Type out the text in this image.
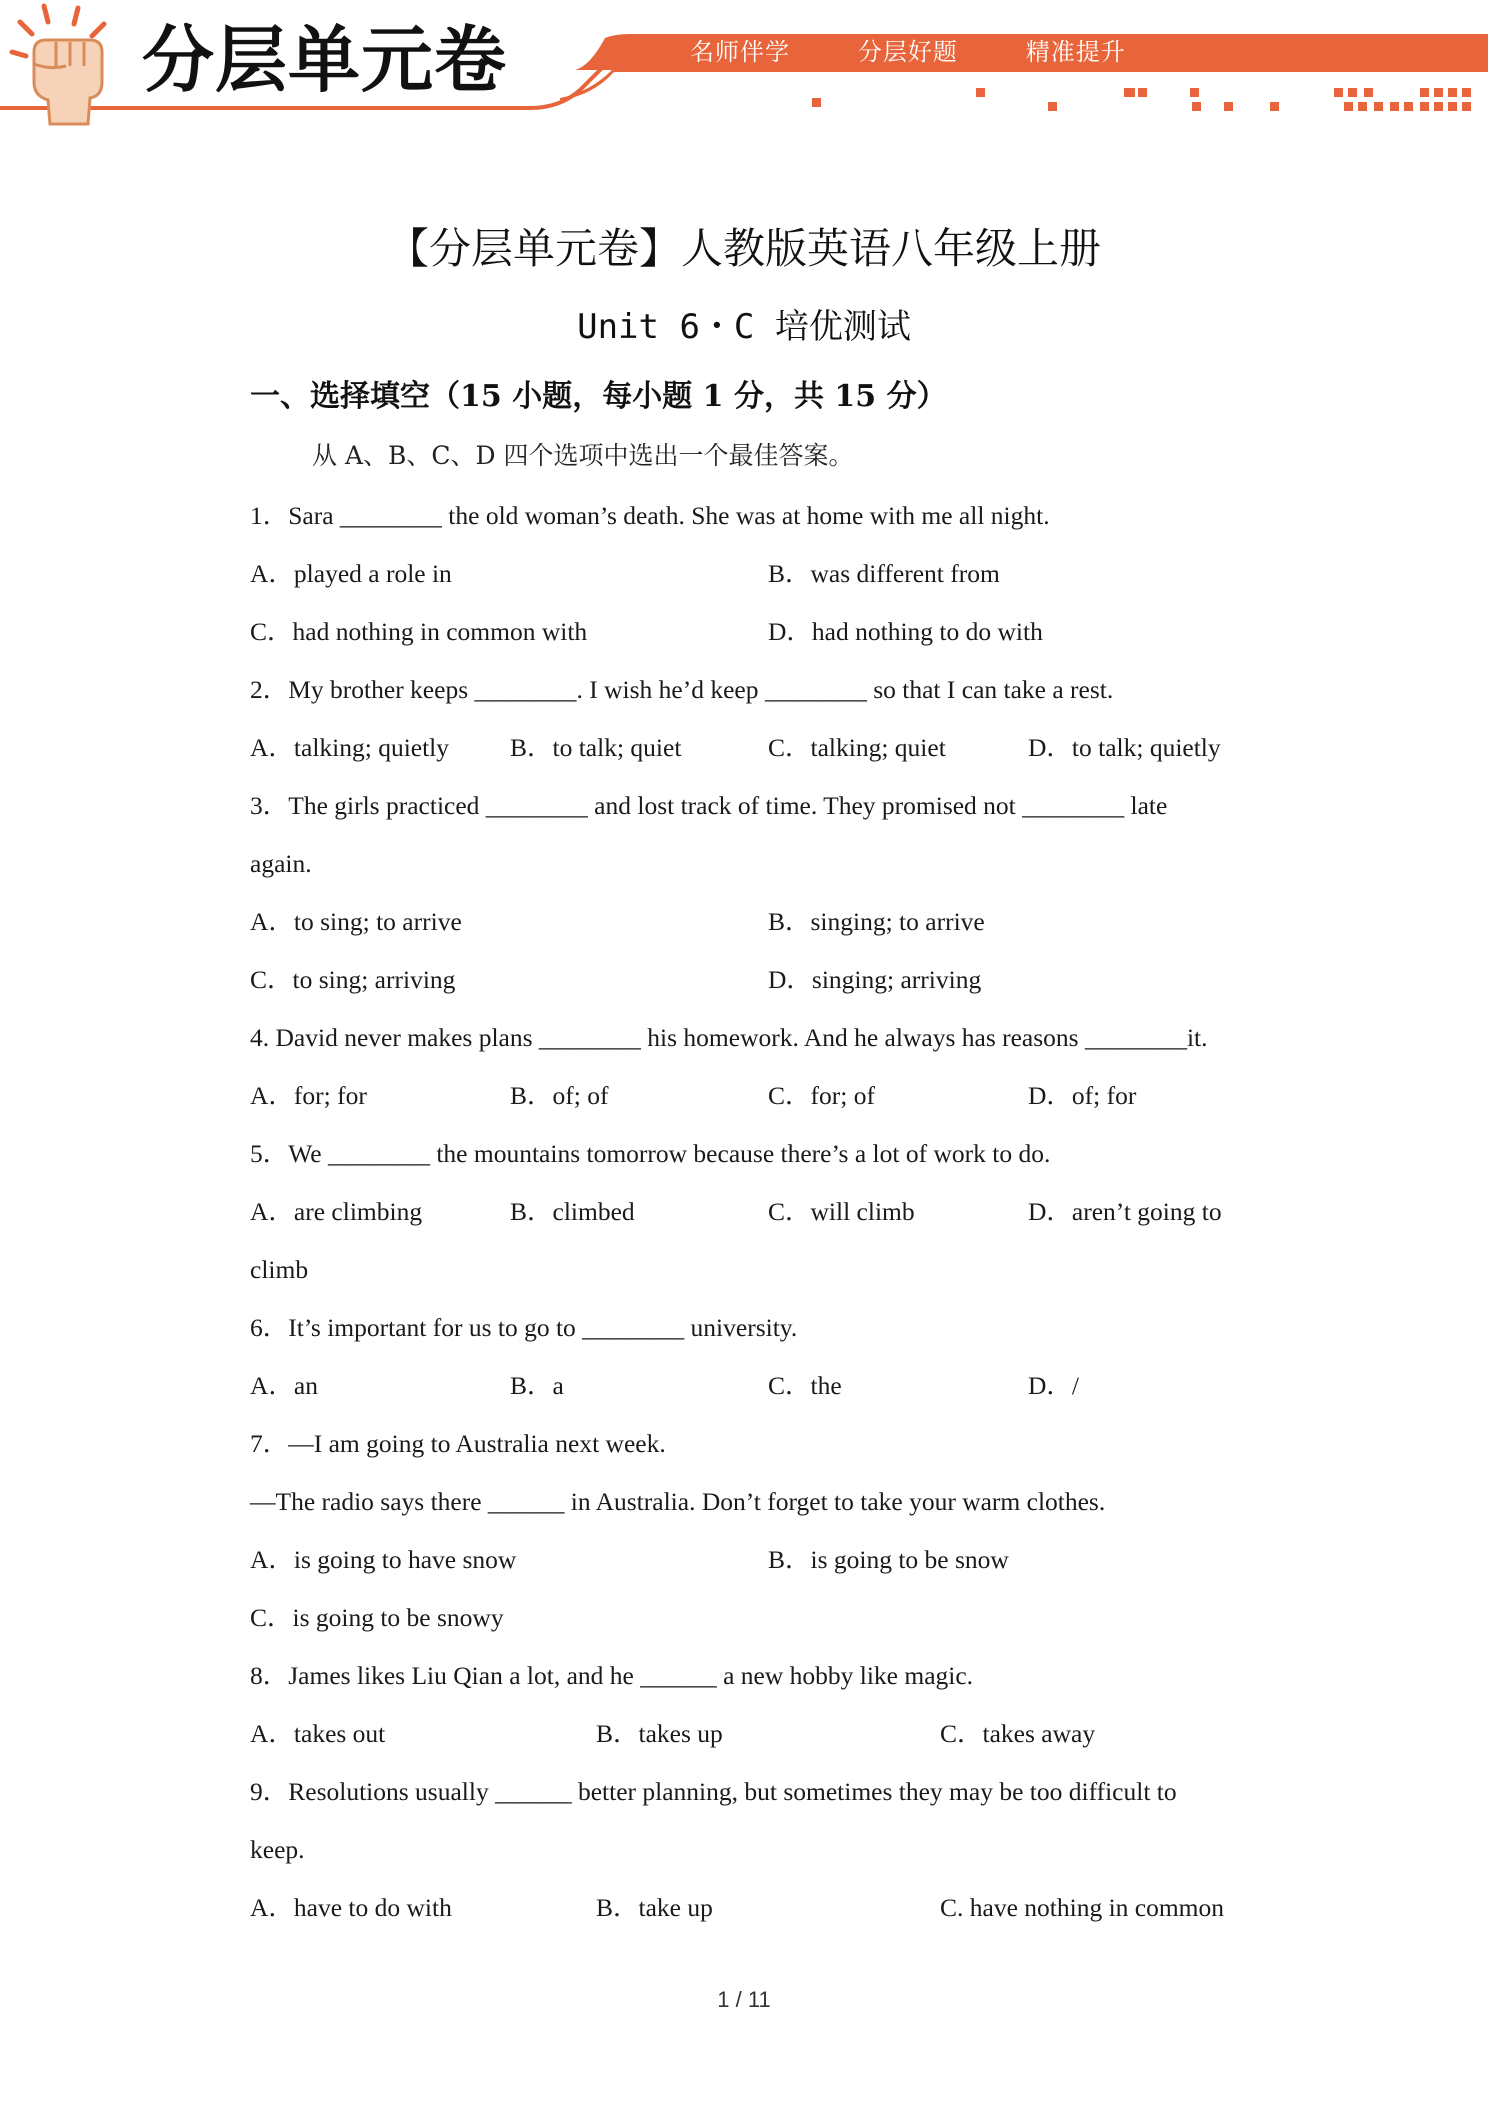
分层单元卷	名师伴学   分层好题   精准提升
【分层单元卷】人教版英语八年级上册
Unit 6・C 培优测试
一、选择填空（15 小题，每小题 1 分，共 15 分）
从 A、B、C、D 四个选项中选出一个最佳答案。
1．Sara ________ the old woman’s death. She was at home with me all night.
A．played a role in	B．was different from
C．had nothing in common with	D．had nothing to do with
2．My brother keeps ________. I wish he’d keep ________ so that I can take a rest.
A．talking; quietly B．to talk; quiet	C．talking; quiet	D．to talk; quietly
3．The girls practiced ________ and lost track of time. They promised not ________ late
again.
A．to sing; to arrive	B．singing; to arrive
C．to sing; arriving	D．singing; arriving
4. David never makes plans ________ his homework. And he always has reasons ________it.
A．for; for	B．of; of	C．for; of	D．of; for
5．We ________ the mountains tomorrow because there’s a lot of work to do.
A．are climbing	B．climbed	C．will climb	D．aren’t going to
climb
6．It’s important for us to go to ________ university.
A．an	B．a	C．the	D．/
7．—I am going to Australia next week.
—The radio says there ______ in Australia. Don’t forget to take your warm clothes.
A．is going to have snow	B．is going to be snow
C．is going to be snowy
8．James likes Liu Qian a lot, and he ______ a new hobby like magic.
A．takes out	B．takes up	C．takes away
9．Resolutions usually ______ better planning, but sometimes they may be too difficult to
keep.
A．have to do with	B．take up	C. have nothing in common
1 / 11
